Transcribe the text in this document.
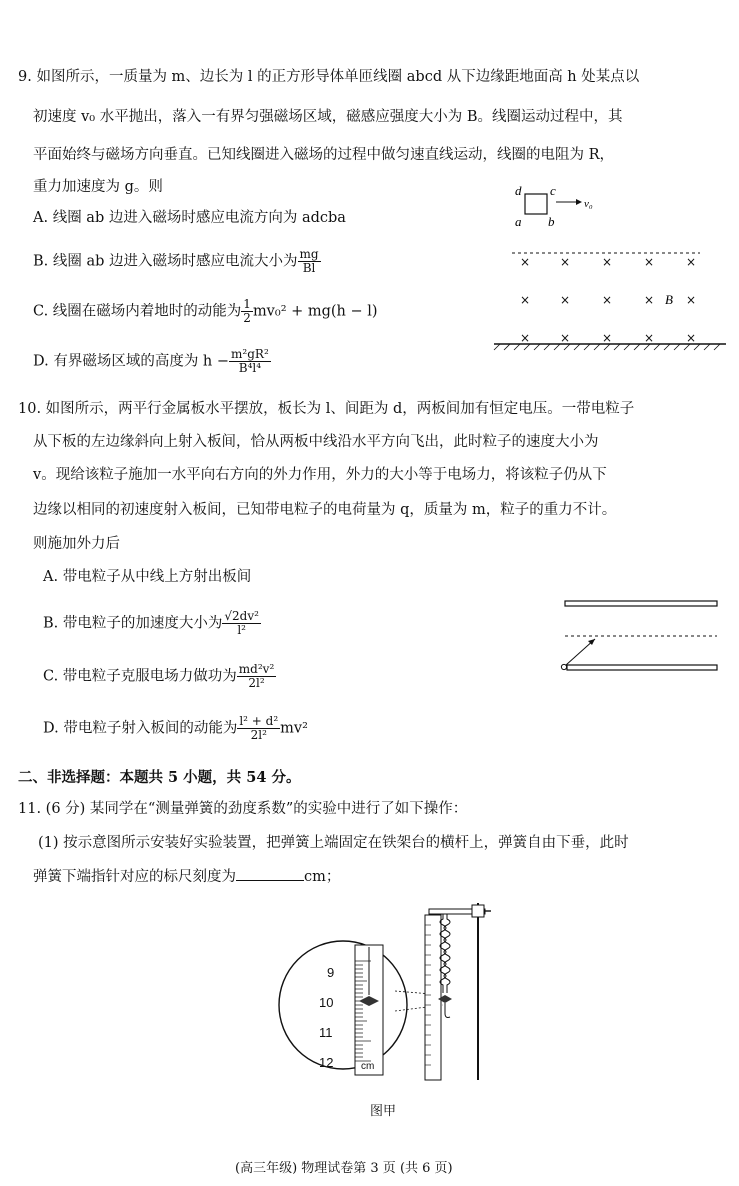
9. 如图所示，一质量为 m、边长为 l 的正方形导体单匝线圈 abcd 从下边缘距地面高 h 处某点以
初速度 v₀ 水平抛出，落入一有界匀强磁场区域，磁感应强度大小为 B。线圈运动过程中，其
平面始终与磁场方向垂直。已知线圈进入磁场的过程中做匀速直线运动，线圈的电阻为 R，
重力加速度为 g。则
A. 线圈 ab 边进入磁场时感应电流方向为 adcba
B. 线圈 ab 边进入磁场时感应电流大小为 $\frac{mg}{Bl}$
C. 线圈在磁场内着地时的动能为 $\frac{1}{2} mv_0^2 + mg(h - l)$
D. 有界磁场区域的高度为 $h - \frac{\text{m²gR²}}{\text{B⁴l⁴}}$
d c
a b
v₀
× ×	×	×	×
× ×	×	×	×
× ×	×	×	×
B
10. 如图所示，两平行金属板水平摆放，板长为 l、间距为 d，两板间加有恒定电压。一带电粒子
从下板的左边缘斜向上射入板间，恰从两板中线沿水平方向飞出，此时粒子的速度大小为
v。现给该粒子施加一水平向右方向的外力作用，外力的大小等于电场力，将该粒子仍从下
边缘以相同的初速度射入板间，已知带电粒子的电荷量为 q，质量为 m，粒子的重力不计。
则施加外力后
A. 带电粒子从中线上方射出板间
B. 带电粒子的加速度大小为 $\frac{\text{√2dv²}}{\text{l²}}$
C. 带电粒子克服电场力做功为 $\frac{\text{md²v²}}{\text{2l²}}$
D. 带电粒子射入板间的动能为 $\frac{\text{l² + d²}}{\text{2l²}} mv^2$
二、非选择题：本题共 5 小题，共 54 分。
11. (6 分) 某同学在“测量弹簧的劲度系数”的实验中进行了如下操作：
(1) 按示意图所示安装好实验装置，把弹簧上端固定在铁架台的横杆上，弹簧自由下垂，此时
弹簧下端指针对应的标尺刻度为	cm；
9
10
11
12	cm
图甲
(高三年级) 物理试卷第 3 页 (共 6 页)
